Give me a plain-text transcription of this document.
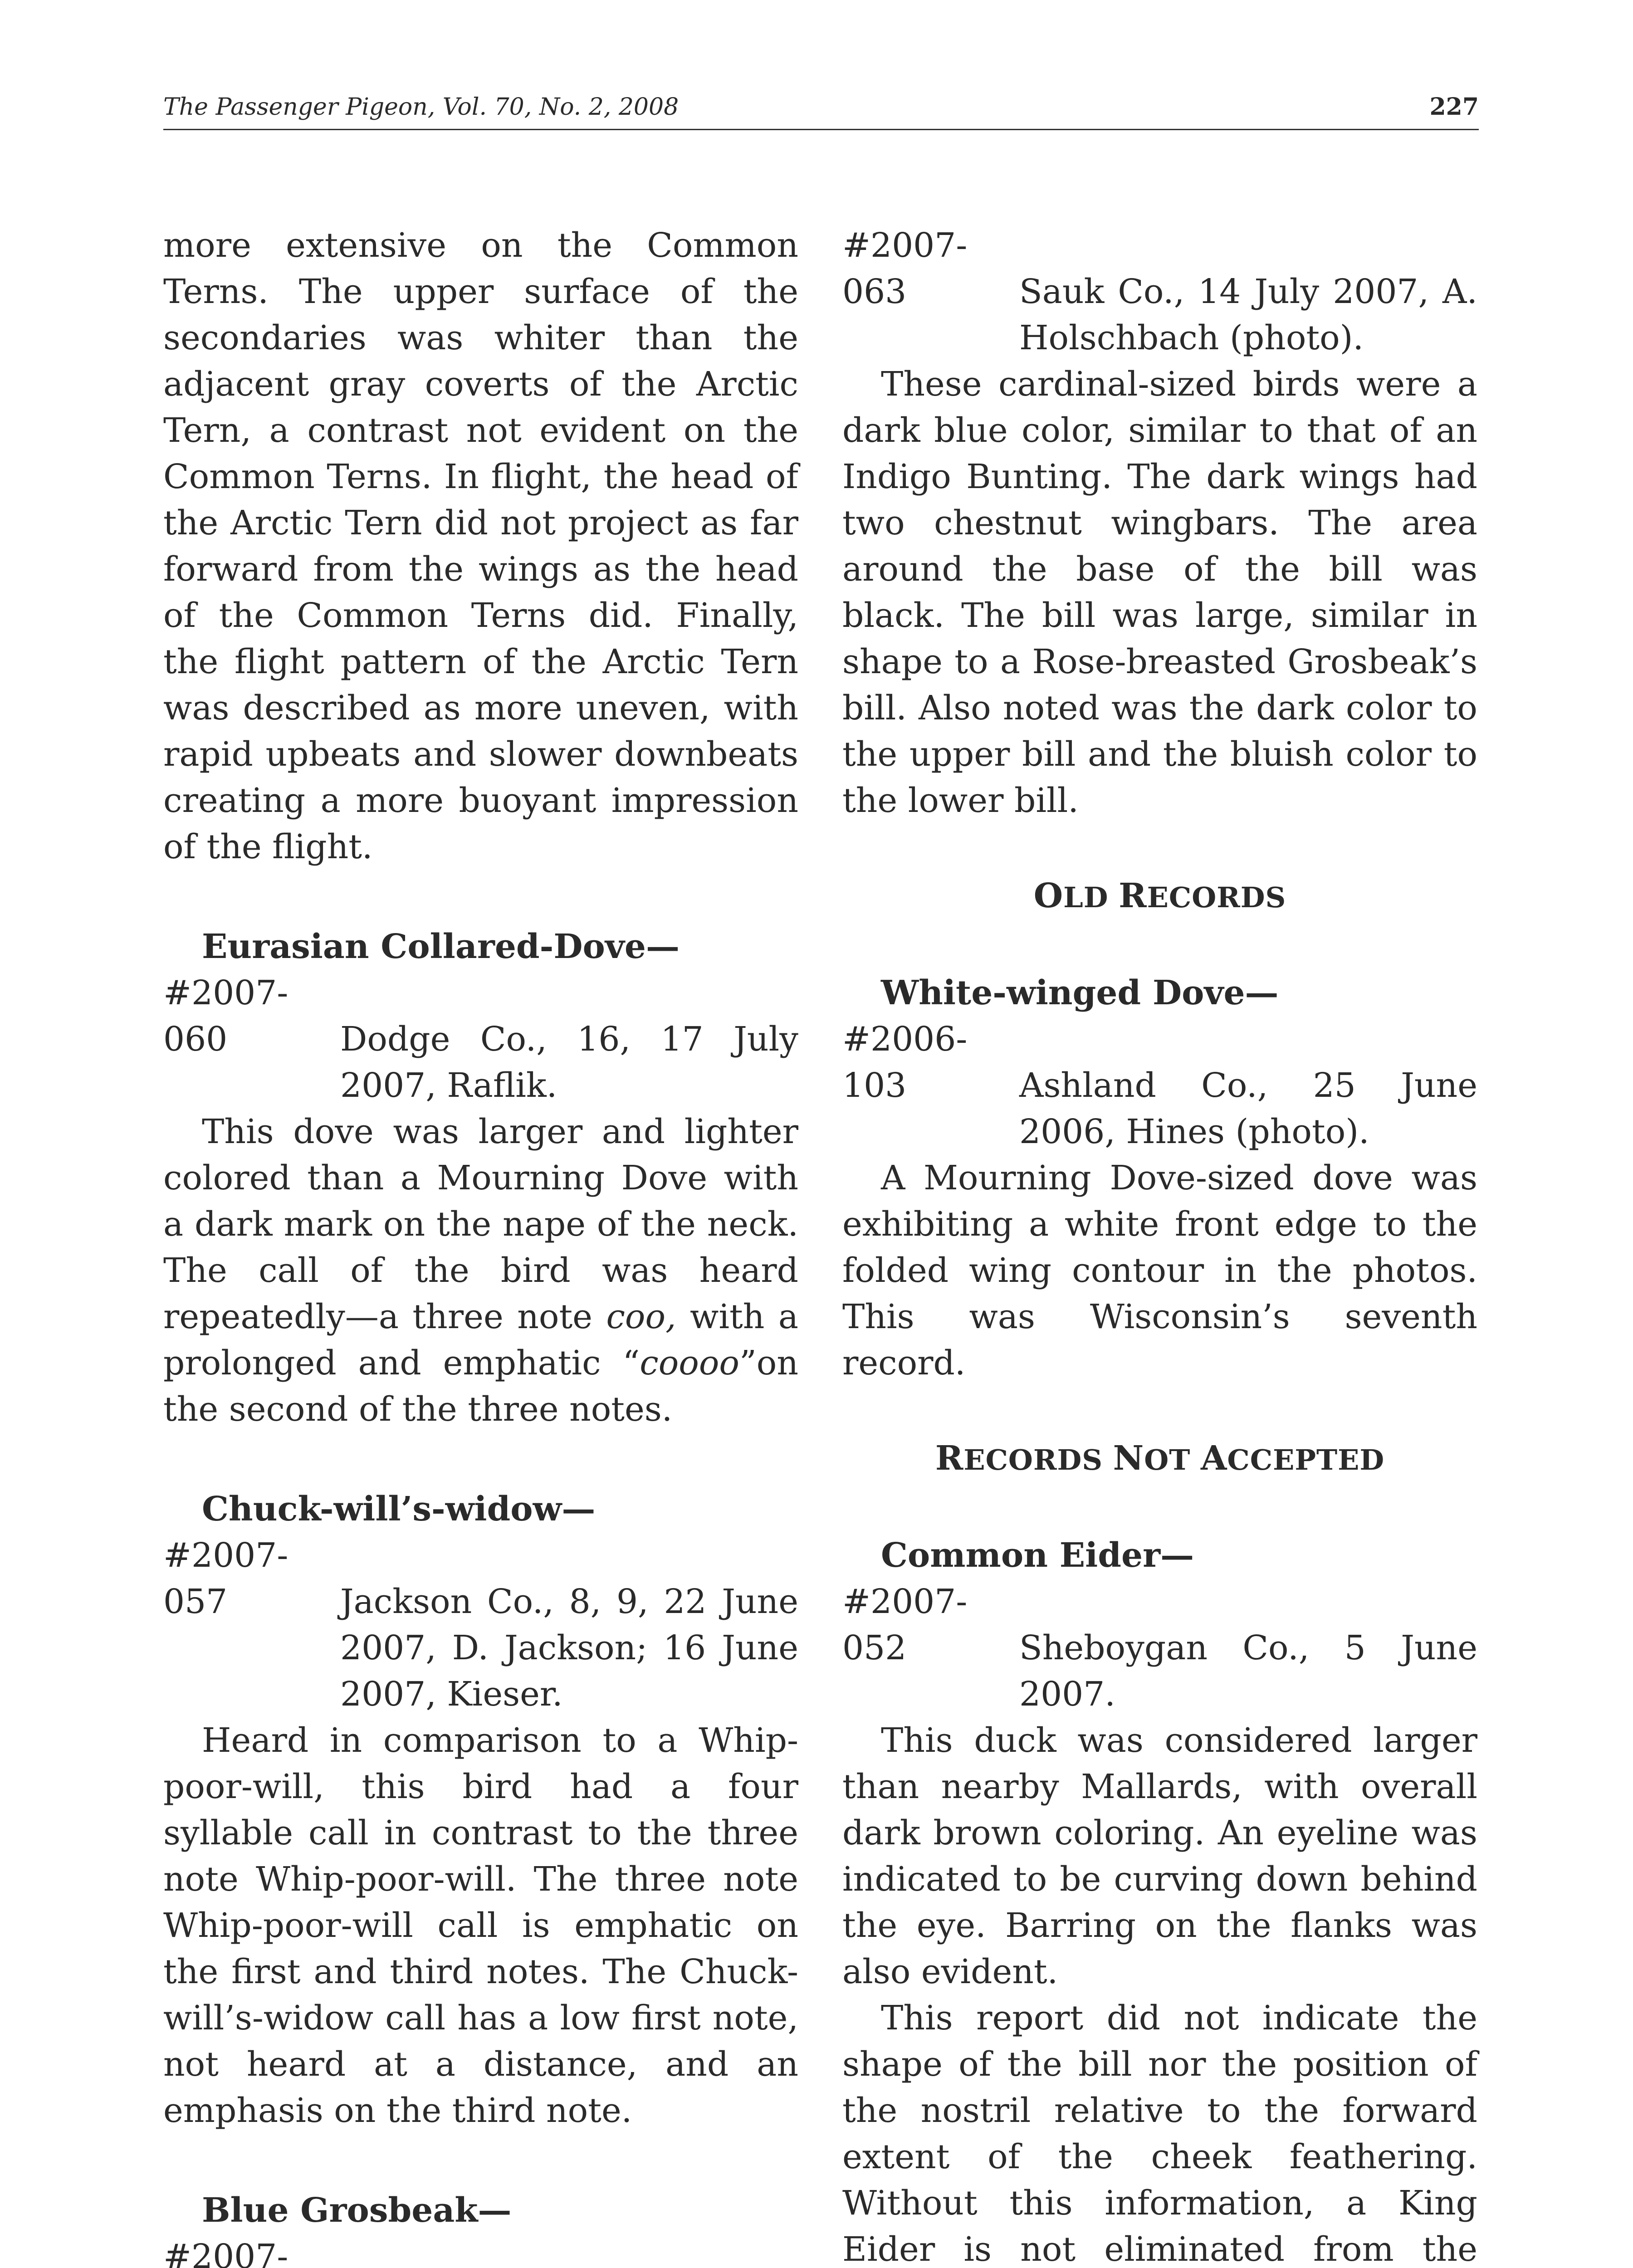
The Passenger Pigeon, Vol. 70, No. 2, 2008	227

more extensive on the Common Terns. The upper surface of the secondaries was whiter than the adjacent gray coverts of the Arctic Tern, a contrast not evident on the Common Terns. In flight, the head of the Arctic Tern did not project as far forward from the wings as the head of the Common Terns did. Finally, the flight pattern of the Arctic Tern was described as more uneven, with rapid upbeats and slower downbeats creating a more buoyant impression of the flight.

Eurasian Collared-Dove—

#2007-060	Dodge Co., 16, 17 July 2007, Raflik.

This dove was larger and lighter colored than a Mourning Dove with a dark mark on the nape of the neck. The call of the bird was heard repeatedly—a three note coo, with a prolonged and emphatic “coooo”on the second of the three notes.

Chuck-will’s-widow—

#2007-057	Jackson Co., 8, 9, 22 June 2007, D. Jackson; 16 June 2007, Kieser.

Heard in comparison to a Whip-poor-will, this bird had a four syllable call in contrast to the three note Whip-poor-will. The three note Whip-poor-will call is emphatic on the first and third notes. The Chuck-will’s-widow call has a low first note, not heard at a distance, and an emphasis on the third note.

Blue Grosbeak—

#2007-

#2007-063	Sauk Co., 14 July 2007, A. Holschbach (photo).

These cardinal-sized birds were a dark blue color, similar to that of an Indigo Bunting. The dark wings had two chestnut wingbars. The area around the base of the bill was black. The bill was large, similar in shape to a Rose-breasted Grosbeak’s bill. Also noted was the dark color to the upper bill and the bluish color to the lower bill.

OLD RECORDS

White-winged Dove—

#2006-103	Ashland Co., 25 June 2006, Hines (photo).

A Mourning Dove-sized dove was exhibiting a white front edge to the folded wing contour in the photos. This was Wisconsin’s seventh record.

RECORDS NOT ACCEPTED

Common Eider—

#2007-052	Sheboygan Co., 5 June 2007.

This duck was considered larger than nearby Mallards, with overall dark brown coloring. An eyeline was indicated to be curving down behind the eye. Barring on the flanks was also evident.

This report did not indicate the shape of the bill nor the position of the nostril relative to the forward extent of the cheek feathering. Without this information, a King Eider is not eliminated from the
